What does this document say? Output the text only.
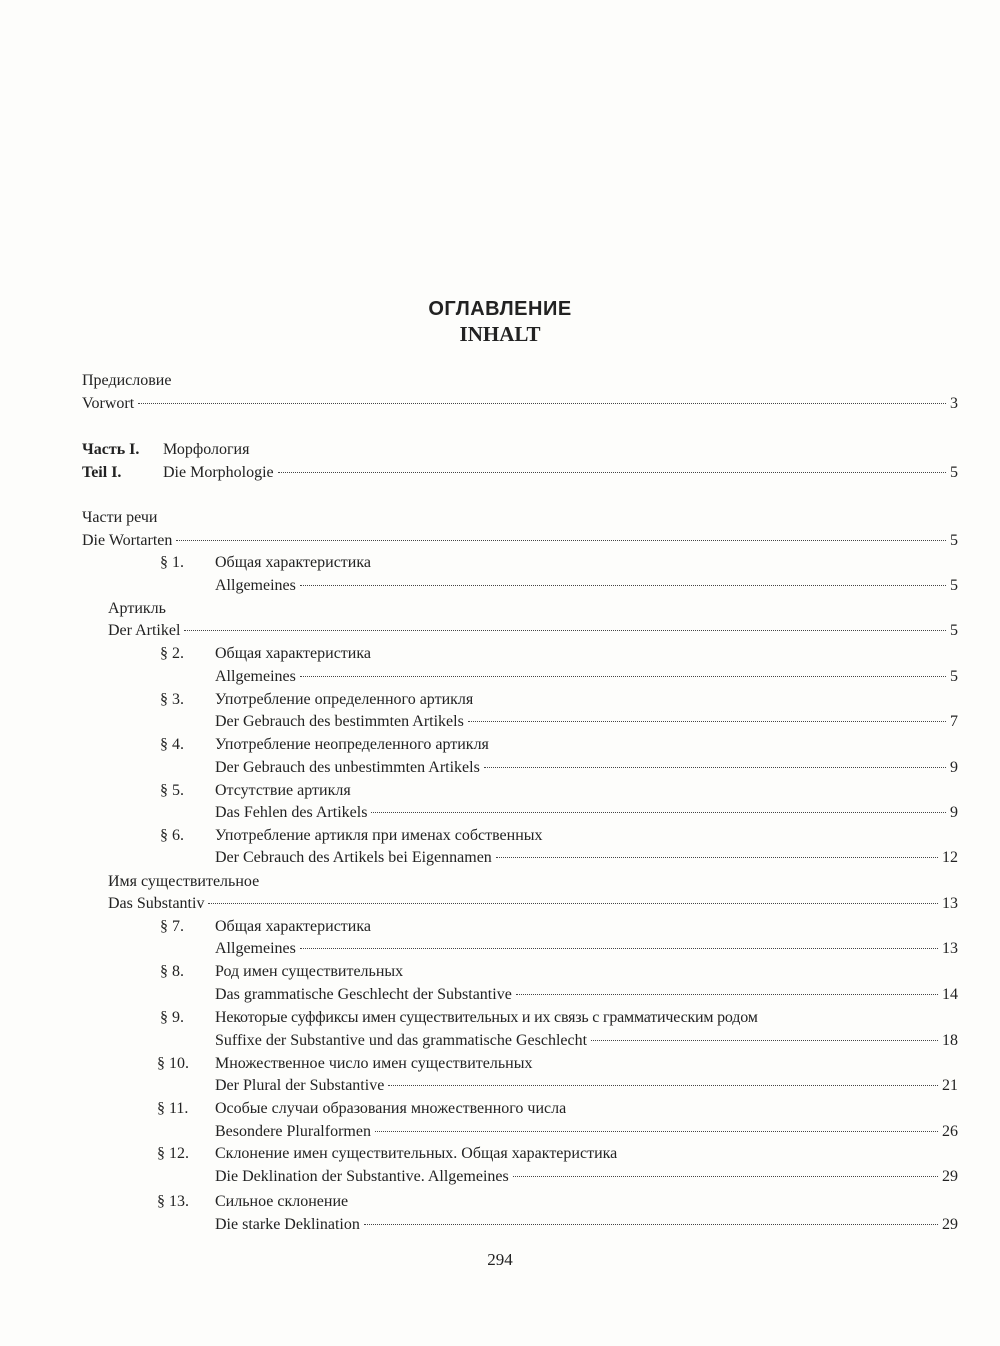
ОГЛАВЛЕНИЕ
INHALT
Предисловие
Vorwort	3
Часть I. Морфология
Teil I.	Die Morphologie	5
Части речи
Die Wortarten	5
§ 1. Общая характеристика
Allgemeines	5
Артикль
Der Artikel	5
§ 2. Общая характеристика
Allgemeines	5
§ 3. Употребление определенного артикля
Der Gebrauch des bestimmten Artikels	7
§ 4. Употребление неопределенного артикля
Der Gebrauch des unbestimmten Artikels	9
§ 5. Отсутствие артикля
Das Fehlen des Artikels	9
§ 6. Употребление артикля при именах собственных
Der Cebrauch des Artikels bei Eigennamen	12
Имя существительное
Das Substantiv	13
§ 7. Общая характеристика
Allgemeines	13
§ 8. Род имен существительных
Das grammatische Geschlecht der Substantive	14
§ 9. Некоторые суффиксы имен существительных и их связь с грамматическим родом
Suffixe der Substantive und das grammatische Geschlecht	18
§ 10. Множественное число имен существительных
Der Plural der Substantive	21
§ 11. Особые случаи образования множественного числа
Besondere Pluralformen	26
§ 12. Склонение имен существительных. Общая характеристика
Die Deklination der Substantive. Allgemeines	29
§ 13. Сильное склонение
Die starke Deklination	29
294
